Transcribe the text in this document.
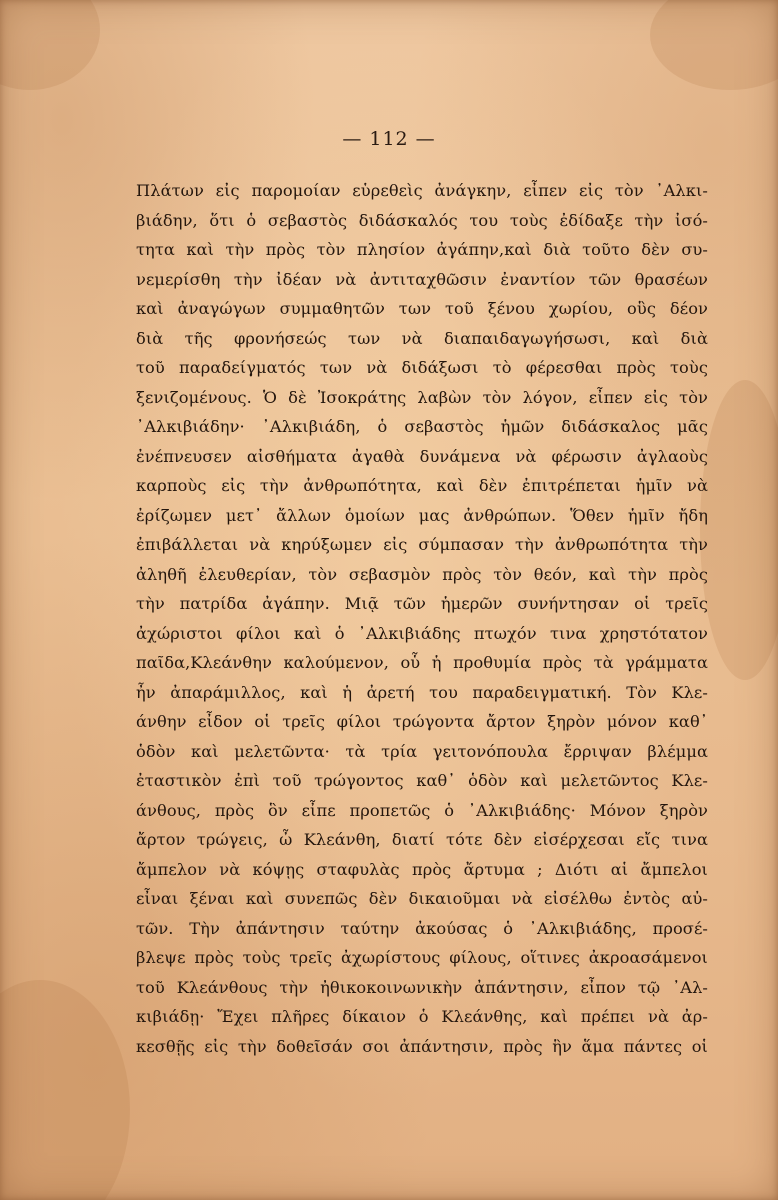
— 112 —
Πλάτων εἰς παρομοίαν εὑρεθεὶς ἀνάγκην, εἶπεν εἰς τὸν ᾿Αλκι-
βιάδην, ὅτι ὁ σεβαστὸς διδάσκαλός του τοὺς ἐδίδαξε τὴν ἰσό-
τητα καὶ τὴν πρὸς τὸν πλησίον ἀγάπην,καὶ διὰ τοῦτο δὲν συ-
νεμερίσθη τὴν ἰδέαν νὰ ἀντιταχθῶσιν ἐναντίον τῶν θρασέων
καὶ ἀναγώγων συμμαθητῶν των τοῦ ξένου χωρίου, οὓς δέον
διὰ τῆς φρονήσεώς των νὰ διαπαιδαγωγήσωσι, καὶ διὰ
τοῦ παραδείγματός των νὰ διδάξωσι τὸ φέρεσθαι πρὸς τοὺς
ξενιζομένους. Ὁ δὲ Ἰσοκράτης λαβὼν τὸν λόγον, εἶπεν εἰς τὸν
᾿Αλκιβιάδην· ᾿Αλκιβιάδη, ὁ σεβαστὸς ἡμῶν διδάσκαλος μᾶς
ἐνέπνευσεν αἰσθήματα ἀγαθὰ δυνάμενα νὰ φέρωσιν ἀγλαοὺς
καρποὺς εἰς τὴν ἀνθρωπότητα, καὶ δὲν ἐπιτρέπεται ἡμῖν νὰ
ἐρίζωμεν μετ᾿ ἄλλων ὁμοίων μας ἀνθρώπων. Ὅθεν ἡμῖν ἤδη
ἐπιβάλλεται νὰ κηρύξωμεν εἰς σύμπασαν τὴν ἀνθρωπότητα τὴν
ἀληθῆ ἐλευθερίαν, τὸν σεβασμὸν πρὸς τὸν θεόν, καὶ τὴν πρὸς
τὴν πατρίδα ἀγάπην. Μιᾷ τῶν ἡμερῶν συνήντησαν οἱ τρεῖς
ἀχώριστοι φίλοι καὶ ὁ ᾿Αλκιβιάδης πτωχόν τινα χρηστότατον
παῖδα,Κλεάνθην καλούμενον, οὗ ἡ προθυμία πρὸς τὰ γράμματα
ἦν ἀπαράμιλλος, καὶ ἡ ἀρετή του παραδειγματική. Τὸν Κλε-
άνθην εἶδον οἱ τρεῖς φίλοι τρώγοντα ἄρτον ξηρὸν μόνον καθ᾿
ὁδὸν καὶ μελετῶντα· τὰ τρία γειτονόπουλα ἔρριψαν βλέμμα
ἐταστικὸν ἐπὶ τοῦ τρώγοντος καθ᾿ ὁδὸν καὶ μελετῶντος Κλε-
άνθους, πρὸς ὃν εἶπε προπετῶς ὁ ᾿Αλκιβιάδης· Μόνον ξηρὸν
ἄρτον τρώγεις, ὦ Κλεάνθη, διατί τότε δὲν εἰσέρχεσαι εἴς τινα
ἄμπελον νὰ κόψῃς σταφυλὰς πρὸς ἄρτυμα ; Διότι αἱ ἄμπελοι
εἶναι ξέναι καὶ συνεπῶς δὲν δικαιοῦμαι νὰ εἰσέλθω ἐντὸς αὐ-
τῶν. Τὴν ἀπάντησιν ταύτην ἀκούσας ὁ ᾿Αλκιβιάδης, προσέ-
βλεψε πρὸς τοὺς τρεῖς ἀχωρίστους φίλους, οἵτινες ἀκροασάμενοι
τοῦ Κλεάνθους τὴν ἠθικοκοινωνικὴν ἀπάντησιν, εἶπον τῷ ᾿Αλ-
κιβιάδῃ· Ἔχει πλῆρες δίκαιον ὁ Κλεάνθης, καὶ πρέπει νὰ ἀρ-
κεσθῇς εἰς τὴν δοθεῖσάν σοι ἀπάντησιν, πρὸς ἣν ἅμα πάντες οἱ
